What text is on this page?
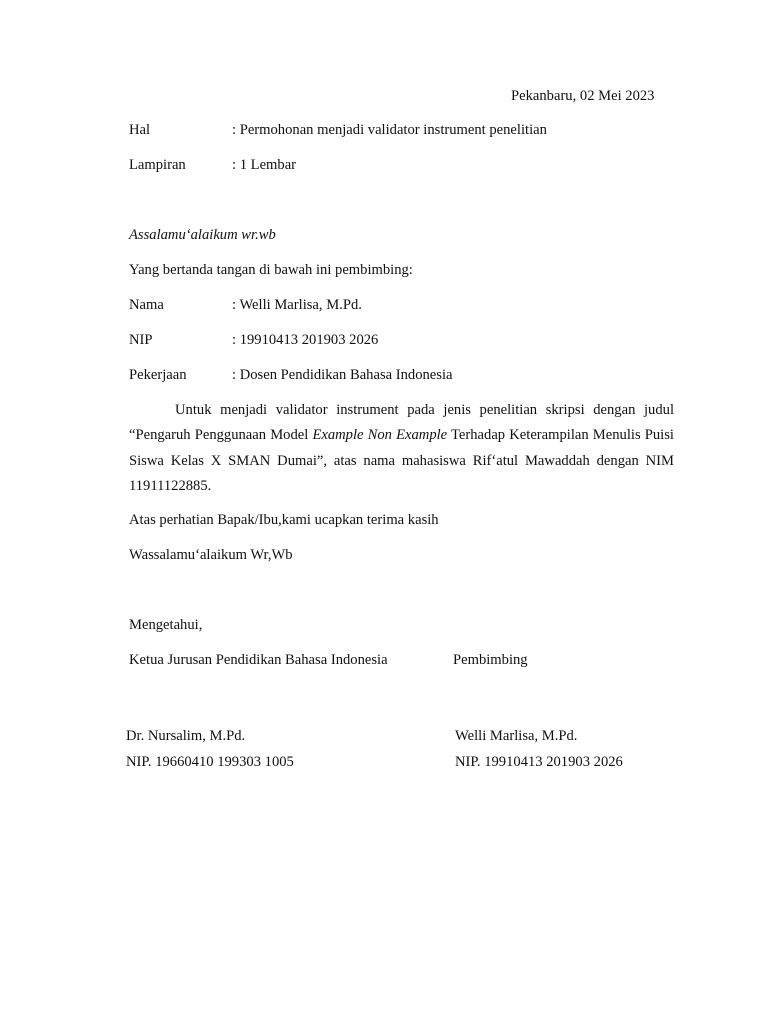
Pekanbaru, 02 Mei 2023
Hal	: Permohonan menjadi validator instrument penelitian
Lampiran	: 1 Lembar
Assalamu‘alaikum wr.wb
Yang bertanda tangan di bawah ini pembimbing:
Nama	: Welli Marlisa, M.Pd.
NIP	: 19910413 201903 2026
Pekerjaan	: Dosen Pendidikan Bahasa Indonesia
Untuk menjadi validator instrument pada jenis penelitian skripsi dengan judul “Pengaruh Penggunaan Model Example Non Example Terhadap Keterampilan Menulis Puisi Siswa Kelas X SMAN Dumai”, atas nama mahasiswa Rif‘atul Mawaddah dengan NIM 11911122885.
Atas perhatian Bapak/Ibu,kami ucapkan terima kasih
Wassalamu‘alaikum Wr,Wb
Mengetahui,
Ketua Jurusan Pendidikan Bahasa Indonesia	Pembimbing
Dr. Nursalim, M.Pd.
NIP. 19660410 199303 1005
Welli Marlisa, M.Pd.
NIP. 19910413 201903 2026
